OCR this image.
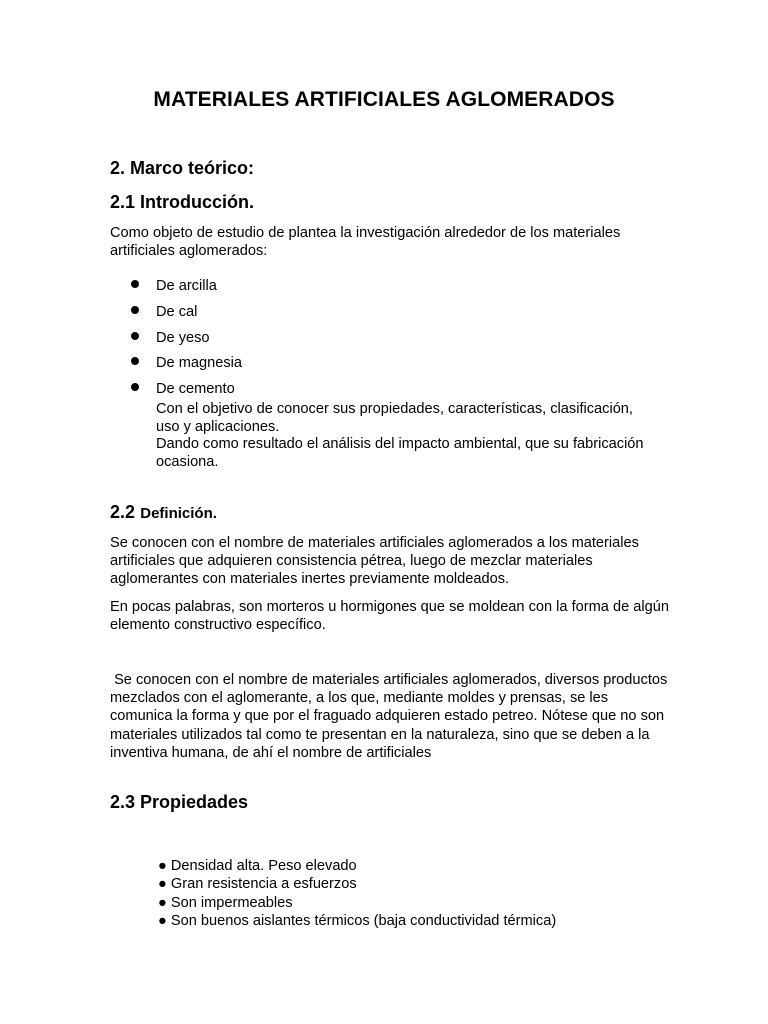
MATERIALES ARTIFICIALES AGLOMERADOS
2. Marco teórico:
2.1 Introducción.

Como objeto de estudio de plantea la investigación alrededor de los materiales artificiales aglomerados:

De arcilla
De cal
De yeso
De magnesia
De cemento

Con el objetivo de conocer sus propiedades, características, clasificación, uso y aplicaciones.

Dando como resultado el análisis del impacto ambiental, que su fabricación ocasiona.

2.2 Definición.

Se conocen con el nombre de materiales artificiales aglomerados a los materiales artificiales que adquieren consistencia pétrea, luego de mezclar materiales aglomerantes con materiales inertes previamente moldeados.

En pocas palabras, son morteros u hormigones que se moldean con la forma de algún elemento constructivo específico.

Se conocen con el nombre de materiales artificiales aglomerados, diversos productos mezclados con el aglomerante, a los que, mediante moldes y prensas, se les comunica la forma y que por el fraguado adquieren estado petreo. Nótese que no son materiales utilizados tal como te presentan en la naturaleza, sino que se deben a la inventiva humana, de ahí el nombre de artificiales

2.3 Propiedades
● Densidad alta. Peso elevado
● Gran resistencia a esfuerzos
● Son impermeables
● Son buenos aislantes térmicos (baja conductividad térmica)
